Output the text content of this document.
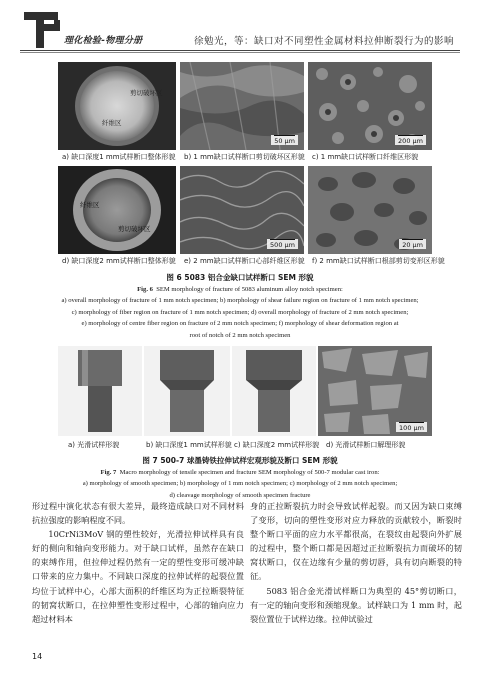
理化检验-物理分册	徐勉光，等：缺口对不同塑性金属材料拉伸断裂行为的影响
剪切破坏区
纤维区
50 μm	200 μm
a) 缺口深度1 mm试样断口整体形貌 b) 1 mm缺口试样断口剪切破坏区形貌 c) 1 mm缺口试样断口纤维区形貌
纤维区
剪切破坏区
500 μm	20 μm
d) 缺口深度2 mm试样断口整体形貌 e) 2 mm缺口试样断口心部纤维区形貌 f) 2 mm缺口试样断口根部剪切变形区形貌
图 6 5083 铝合金缺口试样断口 SEM 形貌
Fig. 6 SEM morphology of fracture of 5083 aluminum alloy notch specimen:
a) overall morphology of fracture of 1 mm notch specimen; b) morphology of shear failure region on fracture of 1 mm notch specimen;
c) morphology of fiber region on fracture of 1 mm notch specimen; d) overall morphology of fracture of 2 mm notch specimen;
e) morphology of centre fiber region on fracture of 2 mm notch specimen; f) morphology of shear deformation region at
root of notch of 2 mm notch specimen
100 μm
a) 光滑试样形貌	b) 缺口深度1 mm试样形貌 c) 缺口深度2 mm试样形貌 d) 光滑试样断口解理形貌
图 7 500-7 球墨铸铁拉伸试样宏观形貌及断口 SEM 形貌
Fig. 7 Macro morphology of tensile specimen and fracture SEM morphology of 500-7 modular cast iron:
a) morphology of smooth specimen; b) morphology of 1 mm notch specimen; c) morphology of 2 mm notch specimen;
d) cleavage morphology of smooth specimen fracture

形过程中演化状态有很大差异，最终造成缺口对不同材料抗拉强度的影响程度不同。

10CrNi3MoV 钢的塑性较好，光滑拉伸试样具有良好的侧向和轴向变形能力。对于缺口试样，虽然存在缺口的束缚作用，但拉伸过程仍然有一定的塑性变形可缓冲缺口带来的应力集中。不同缺口深度的拉伸试样的起裂位置均位于试样中心，心部大面积的纤维区均为正拉断裂特征的韧窝状断口，在拉伸塑性变形过程中，心部的轴向应力超过材料本

身的正拉断裂抗力时会导致试样起裂。而又因为缺口束缚了变形，切向的塑性变形对应力释放的贡献较小，断裂时整个断口平面的应力水平都很高，在裂纹由起裂向外扩展的过程中，整个断口都是因超过正拉断裂抗力而破坏的韧窝状断口，仅在边缘有少量的剪切唇，具有切向断裂的特征。

5083 铝合金光滑试样断口为典型的 45°剪切断口，有一定的轴向变形和颈缩现象。试样缺口为 1 mm 时，起裂位置位于试样边缘。拉伸试验过

14
